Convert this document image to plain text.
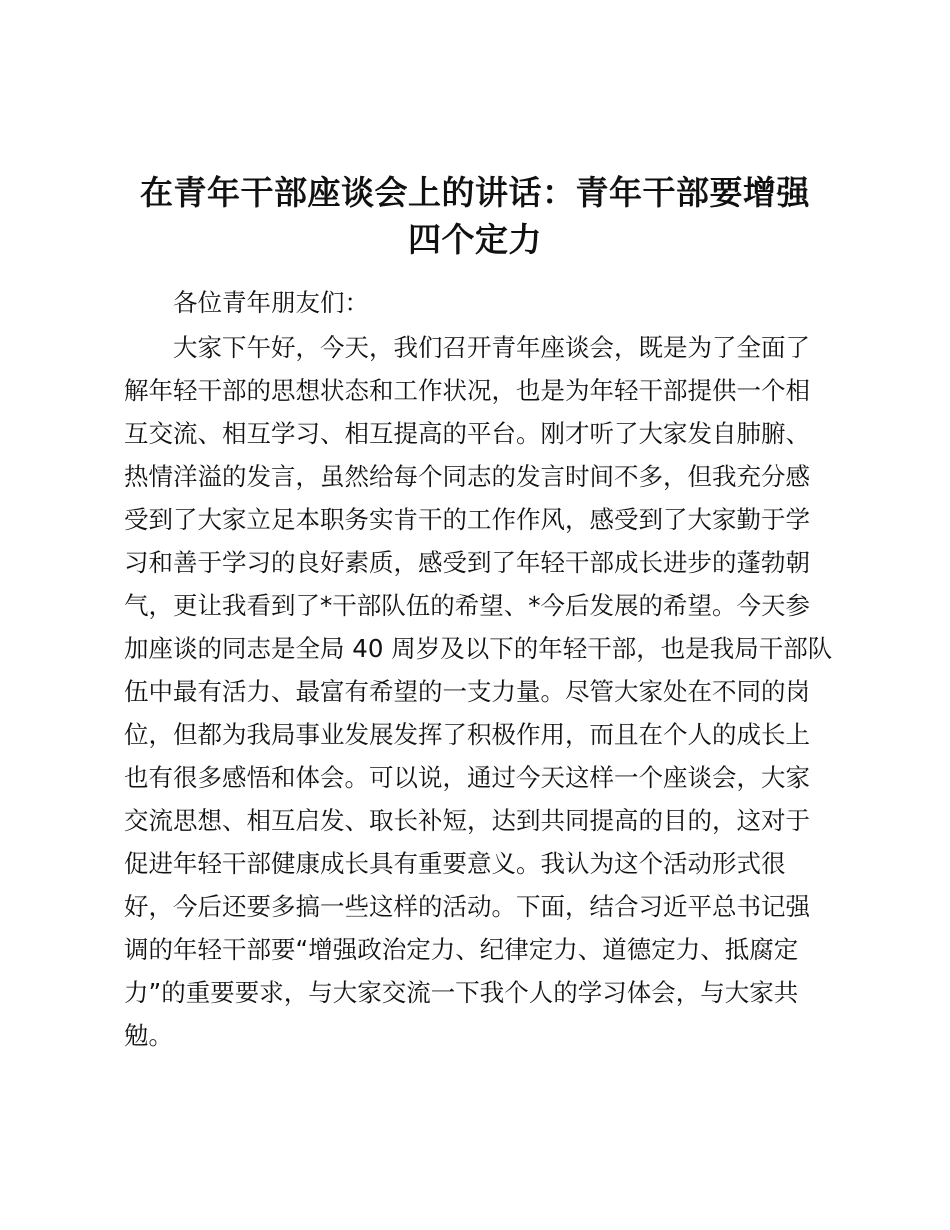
在青年干部座谈会上的讲话：青年干部要增强
四个定力
各位青年朋友们：
大家下午好，今天，我们召开青年座谈会，既是为了全面了
解年轻干部的思想状态和工作状况，也是为年轻干部提供一个相
互交流、相互学习、相互提高的平台。刚才听了大家发自肺腑、
热情洋溢的发言，虽然给每个同志的发言时间不多，但我充分感
受到了大家立足本职务实肯干的工作作风，感受到了大家勤于学
习和善于学习的良好素质，感受到了年轻干部成长进步的蓬勃朝
气，更让我看到了*干部队伍的希望、*今后发展的希望。今天参
加座谈的同志是全局 40 周岁及以下的年轻干部，也是我局干部队
伍中最有活力、最富有希望的一支力量。尽管大家处在不同的岗
位，但都为我局事业发展发挥了积极作用，而且在个人的成长上
也有很多感悟和体会。可以说，通过今天这样一个座谈会，大家
交流思想、相互启发、取长补短，达到共同提高的目的，这对于
促进年轻干部健康成长具有重要意义。我认为这个活动形式很
好，今后还要多搞一些这样的活动。下面，结合习近平总书记强
调的年轻干部要“增强政治定力、纪律定力、道德定力、抵腐定
力”的重要要求，与大家交流一下我个人的学习体会，与大家共
勉。
